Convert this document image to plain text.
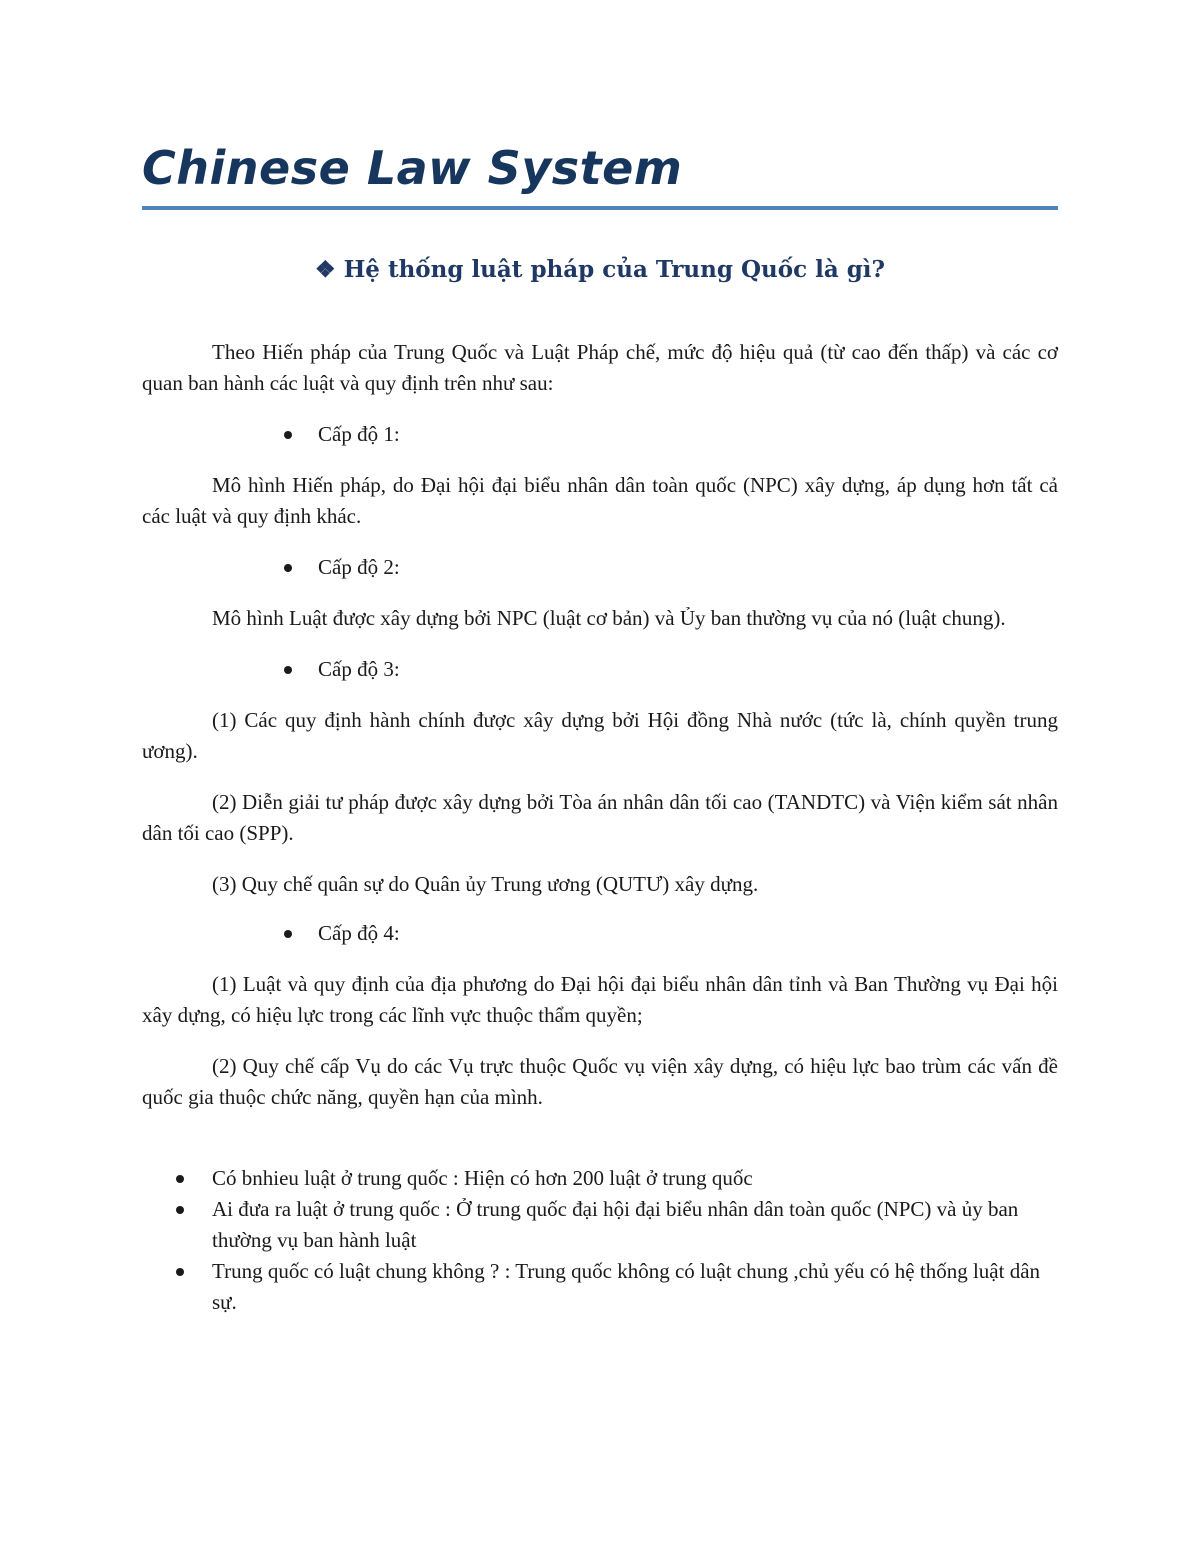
Chinese Law System
❖ Hệ thống luật pháp của Trung Quốc là gì?

Theo Hiến pháp của Trung Quốc và Luật Pháp chế, mức độ hiệu quả (từ cao đến thấp) và các cơ quan ban hành các luật và quy định trên như sau:

Cấp độ 1:

Mô hình Hiến pháp, do Đại hội đại biểu nhân dân toàn quốc (NPC) xây dựng, áp dụng hơn tất cả các luật và quy định khác.

Cấp độ 2:

Mô hình Luật được xây dựng bởi NPC (luật cơ bản) và Ủy ban thường vụ của nó (luật chung).

Cấp độ 3:

(1) Các quy định hành chính được xây dựng bởi Hội đồng Nhà nước (tức là, chính quyền trung ương).

(2) Diễn giải tư pháp được xây dựng bởi Tòa án nhân dân tối cao (TANDTC) và Viện kiểm sát nhân dân tối cao (SPP).

(3) Quy chế quân sự do Quân ủy Trung ương (QUTƯ) xây dựng.

Cấp độ 4:

(1) Luật và quy định của địa phương do Đại hội đại biểu nhân dân tỉnh và Ban Thường vụ Đại hội xây dựng, có hiệu lực trong các lĩnh vực thuộc thẩm quyền;

(2) Quy chế cấp Vụ do các Vụ trực thuộc Quốc vụ viện xây dựng, có hiệu lực bao trùm các vấn đề quốc gia thuộc chức năng, quyền hạn của mình.

Có bnhieu luật ở trung quốc : Hiện có hơn 200 luật ở trung quốc
Ai đưa ra luật ở trung quốc : Ở trung quốc đại hội đại biểu nhân dân toàn quốc (NPC) và ủy ban thường vụ ban hành luật
Trung quốc có luật chung không ? : Trung quốc không có luật chung ,chủ yếu có hệ thống luật dân sự.
